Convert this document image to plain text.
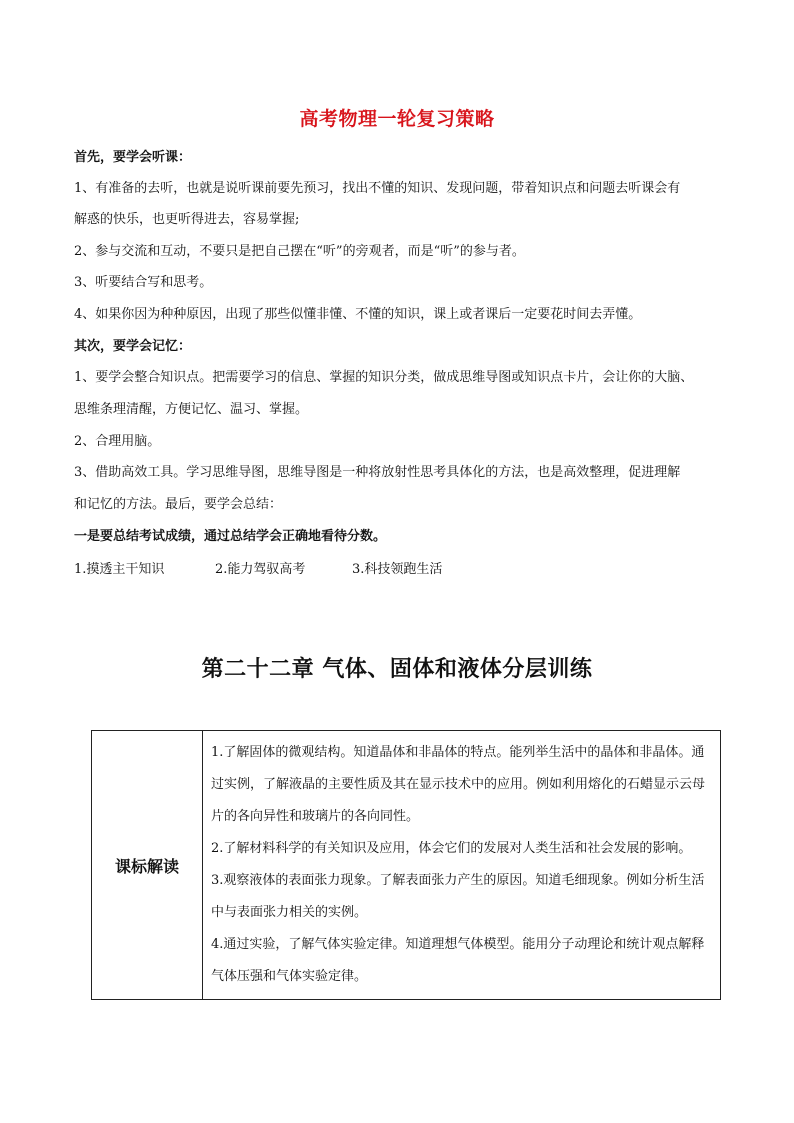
高考物理一轮复习策略
首先，要学会听课：
1、有准备的去听，也就是说听课前要先预习，找出不懂的知识、发现问题，带着知识点和问题去听课会有
解惑的快乐，也更听得进去，容易掌握;
2、参与交流和互动，不要只是把自己摆在“听”的旁观者，而是“听”的参与者。
3、听要结合写和思考。
4、如果你因为种种原因，出现了那些似懂非懂、不懂的知识，课上或者课后一定要花时间去弄懂。
其次，要学会记忆：
1、要学会整合知识点。把需要学习的信息、掌握的知识分类，做成思维导图或知识点卡片，会让你的大脑、
思维条理清醒，方便记忆、温习、掌握。
2、合理用脑。
3、借助高效工具。学习思维导图，思维导图是一种将放射性思考具体化的方法，也是高效整理，促进理解
和记忆的方法。最后，要学会总结：
一是要总结考试成绩，通过总结学会正确地看待分数。
1.摸透主干知识	2.能力驾驭高考	3.科技领跑生活
第二十二章 气体、固体和液体分层训练
课标解读	

1.了解固体的微观结构。知道晶体和非晶体的特点。能列举生活中的晶体和非晶体。通过实例，了解液晶的主要性质及其在显示技术中的应用。例如利用熔化的石蜡显示云母片的各向异性和玻璃片的各向同性。

2.了解材料科学的有关知识及应用，体会它们的发展对人类生活和社会发展的影响。

3.观察液体的表面张力现象。了解表面张力产生的原因。知道毛细现象。例如分析生活中与表面张力相关的实例。

4.通过实验，了解气体实验定律。知道理想气体模型。能用分子动理论和统计观点解释气体压强和气体实验定律。
